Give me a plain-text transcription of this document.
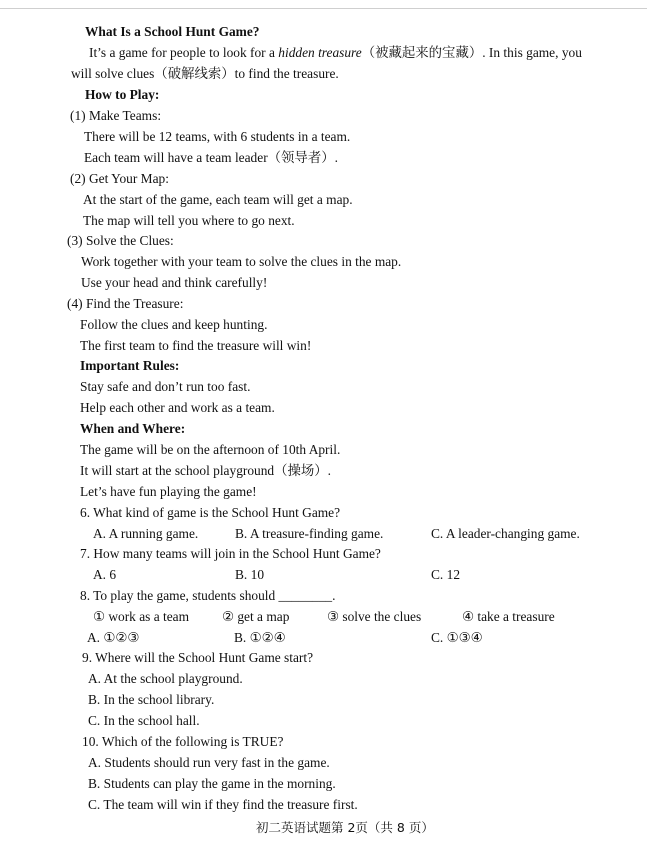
What Is a School Hunt Game?
It’s a game for people to look for a hidden treasure（被藏起来的宝藏）. In this game, you
will solve clues（破解线索）to find the treasure.
How to Play:
(1) Make Teams:
There will be 12 teams, with 6 students in a team.
Each team will have a team leader（领导者）.
(2) Get Your Map:
At the start of the game, each team will get a map.
The map will tell you where to go next.
(3) Solve the Clues:
Work together with your team to solve the clues in the map.
Use your head and think carefully!
(4) Find the Treasure:
Follow the clues and keep hunting.
The first team to find the treasure will win!
Important Rules:
Stay safe and don’t run too fast.
Help each other and work as a team.
When and Where:
The game will be on the afternoon of 10th April.
It will start at the school playground（操场）.
Let’s have fun playing the game!
6. What kind of game is the School Hunt Game?
A. A running game.	B. A treasure-finding game.	C. A leader-changing game.
7. How many teams will join in the School Hunt Game?
A. 6	B. 10	C. 12
8. To play the game, students should ________.
① work as a team ② get a map	③ solve the clues	④ take a treasure
A. ①②③	B. ①②④	C. ①③④
9. Where will the School Hunt Game start?
A. At the school playground.
B. In the school library.
C. In the school hall.
10. Which of the following is TRUE?
A. Students should run very fast in the game.
B. Students can play the game in the morning.
C. The team will win if they find the treasure first.
初二英语试题第 2页（共 8 页）
